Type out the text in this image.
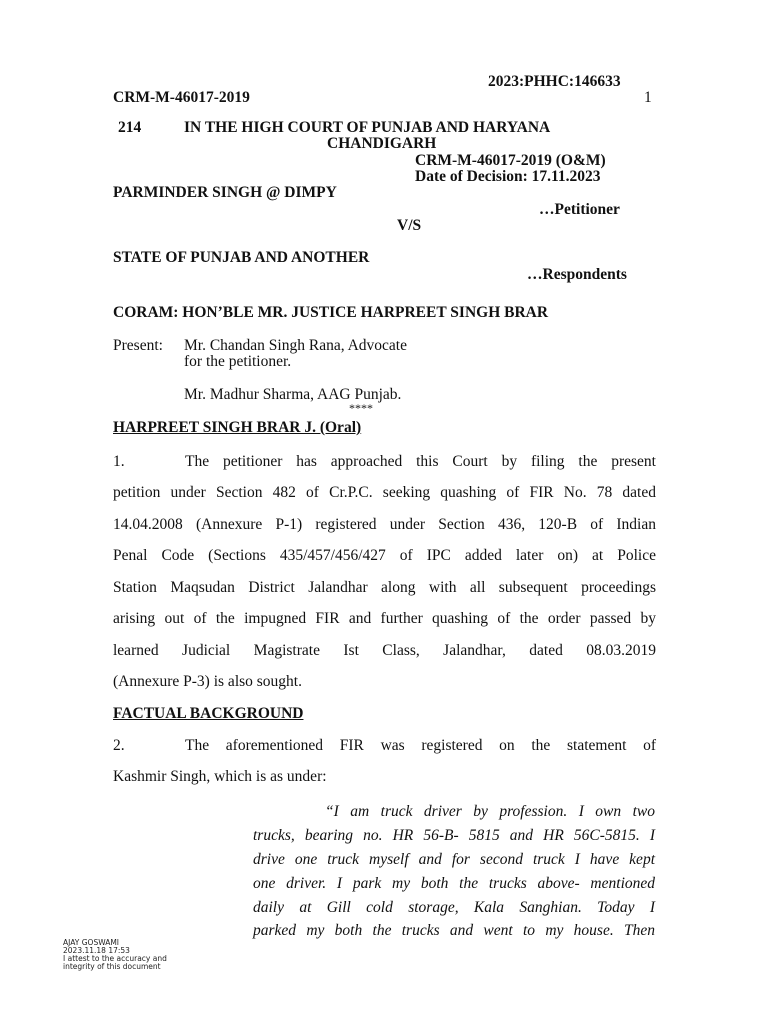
2023:PHHC:146633
CRM-M-46017-2019	1
214	IN THE HIGH COURT OF PUNJAB AND HARYANA
CHANDIGARH
CRM-M-46017-2019 (O&M)
Date of Decision: 17.11.2023
PARMINDER SINGH @ DIMPY
…Petitioner
V/S
STATE OF PUNJAB AND ANOTHER
…Respondents
CORAM: HON’BLE MR. JUSTICE HARPREET SINGH BRAR
Present: Mr. Chandan Singh Rana, Advocate
for the petitioner.
Mr. Madhur Sharma, AAG Punjab.
****
HARPREET SINGH BRAR J. (Oral)
1.	The petitioner has approached this Court by filing the present
petition under Section 482 of Cr.P.C. seeking quashing of FIR No. 78 dated
14.04.2008 (Annexure P-1) registered under Section 436, 120-B of Indian
Penal Code (Sections 435/457/456/427 of IPC added later on) at Police
Station Maqsudan District Jalandhar along with all subsequent proceedings
arising out of the impugned FIR and further quashing of the order passed by
learned Judicial Magistrate Ist Class, Jalandhar, dated 08.03.2019
(Annexure P-3) is also sought.
FACTUAL BACKGROUND
2.	The aforementioned FIR was registered on the statement of
Kashmir Singh, which is as under:
“I am truck driver by profession. I own two
trucks, bearing no. HR 56-B- 5815 and HR 56C-5815. I
drive one truck myself and for second truck I have kept
one driver. I park my both the trucks above- mentioned
daily at Gill cold storage, Kala Sanghian. Today I
parked my both the trucks and went to my house. Then
AJAY GOSWAMI
2023.11.18 17:53
I attest to the accuracy and
integrity of this document
